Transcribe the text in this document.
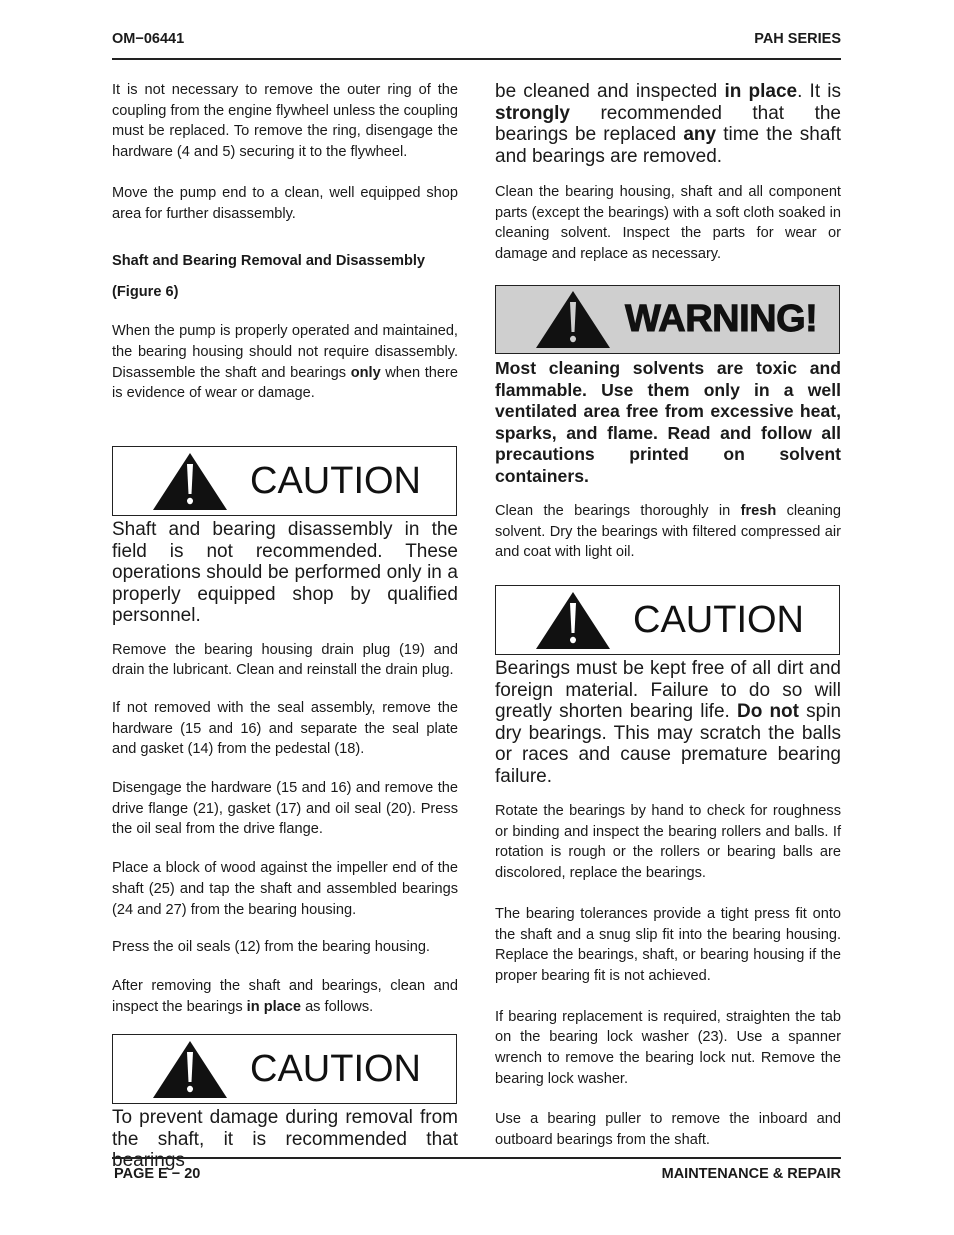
OM−06441	PAH SERIES

It is not necessary to remove the outer ring of the coupling from the engine flywheel unless the coupling must be replaced. To remove the ring, disengage the hardware (4 and 5) securing it to the flywheel.

Move the pump end to a clean, well equipped shop area for further disassembly.

Shaft and Bearing Removal and Disassembly

(Figure 6)

When the pump is properly operated and maintained, the bearing housing should not require disassembly. Disassemble the shaft and bearings only when there is evidence of wear or damage.

CAUTION

Shaft and bearing disassembly in the field is not recommended. These operations should be performed only in a properly equipped shop by qualified personnel.

Remove the bearing housing drain plug (19) and drain the lubricant. Clean and reinstall the drain plug.

If not removed with the seal assembly, remove the hardware (15 and 16) and separate the seal plate and gasket (14) from the pedestal (18).

Disengage the hardware (15 and 16) and remove the drive flange (21), gasket (17) and oil seal (20). Press the oil seal from the drive flange.

Place a block of wood against the impeller end of the shaft (25) and tap the shaft and assembled bearings (24 and 27) from the bearing housing.

Press the oil seals (12) from the bearing housing.

After removing the shaft and bearings, clean and inspect the bearings in place as follows.

CAUTION

To prevent damage during removal from the shaft, it is recommended that bearings

be cleaned and inspected in place. It is strongly recommended that the bearings be replaced any time the shaft and bearings are removed.

Clean the bearing housing, shaft and all component parts (except the bearings) with a soft cloth soaked in cleaning solvent. Inspect the parts for wear or damage and replace as necessary.

WARNING!

Most cleaning solvents are toxic and flammable. Use them only in a well ventilated area free from excessive heat, sparks, and flame. Read and follow all precautions printed on solvent containers.

Clean the bearings thoroughly in fresh cleaning solvent. Dry the bearings with filtered compressed air and coat with light oil.

CAUTION

Bearings must be kept free of all dirt and foreign material. Failure to do so will greatly shorten bearing life. Do not spin dry bearings. This may scratch the balls or races and cause premature bearing failure.

Rotate the bearings by hand to check for roughness or binding and inspect the bearing rollers and balls. If rotation is rough or the rollers or bearing balls are discolored, replace the bearings.

The bearing tolerances provide a tight press fit onto the shaft and a snug slip fit into the bearing housing. Replace the bearings, shaft, or bearing housing if the proper bearing fit is not achieved.

If bearing replacement is required, straighten the tab on the bearing lock washer (23). Use a spanner wrench to remove the bearing lock nut. Remove the bearing lock washer.

Use a bearing puller to remove the inboard and outboard bearings from the shaft.

PAGE E − 20	MAINTENANCE & REPAIR
